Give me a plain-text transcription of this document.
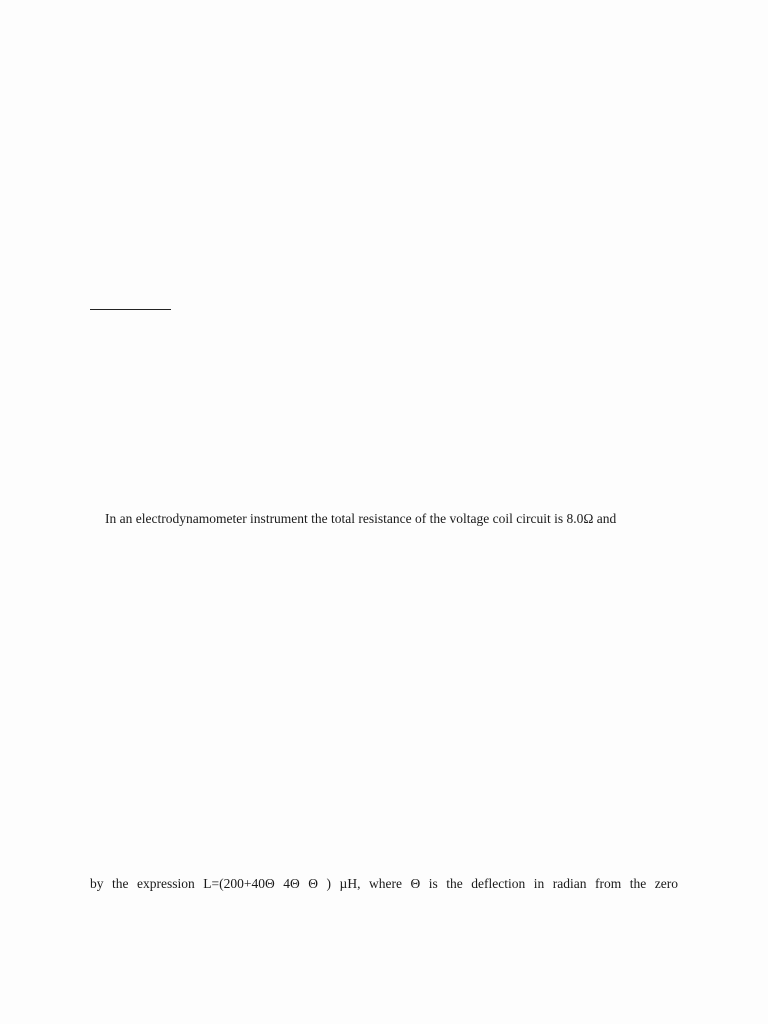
In an electrodynamometer instrument the total resistance of the voltage coil circuit is 8.0Ω and
by the expression L=(200+40Θ 4Θ Θ ) µH, where Θ is the deflection in radian from the zero
